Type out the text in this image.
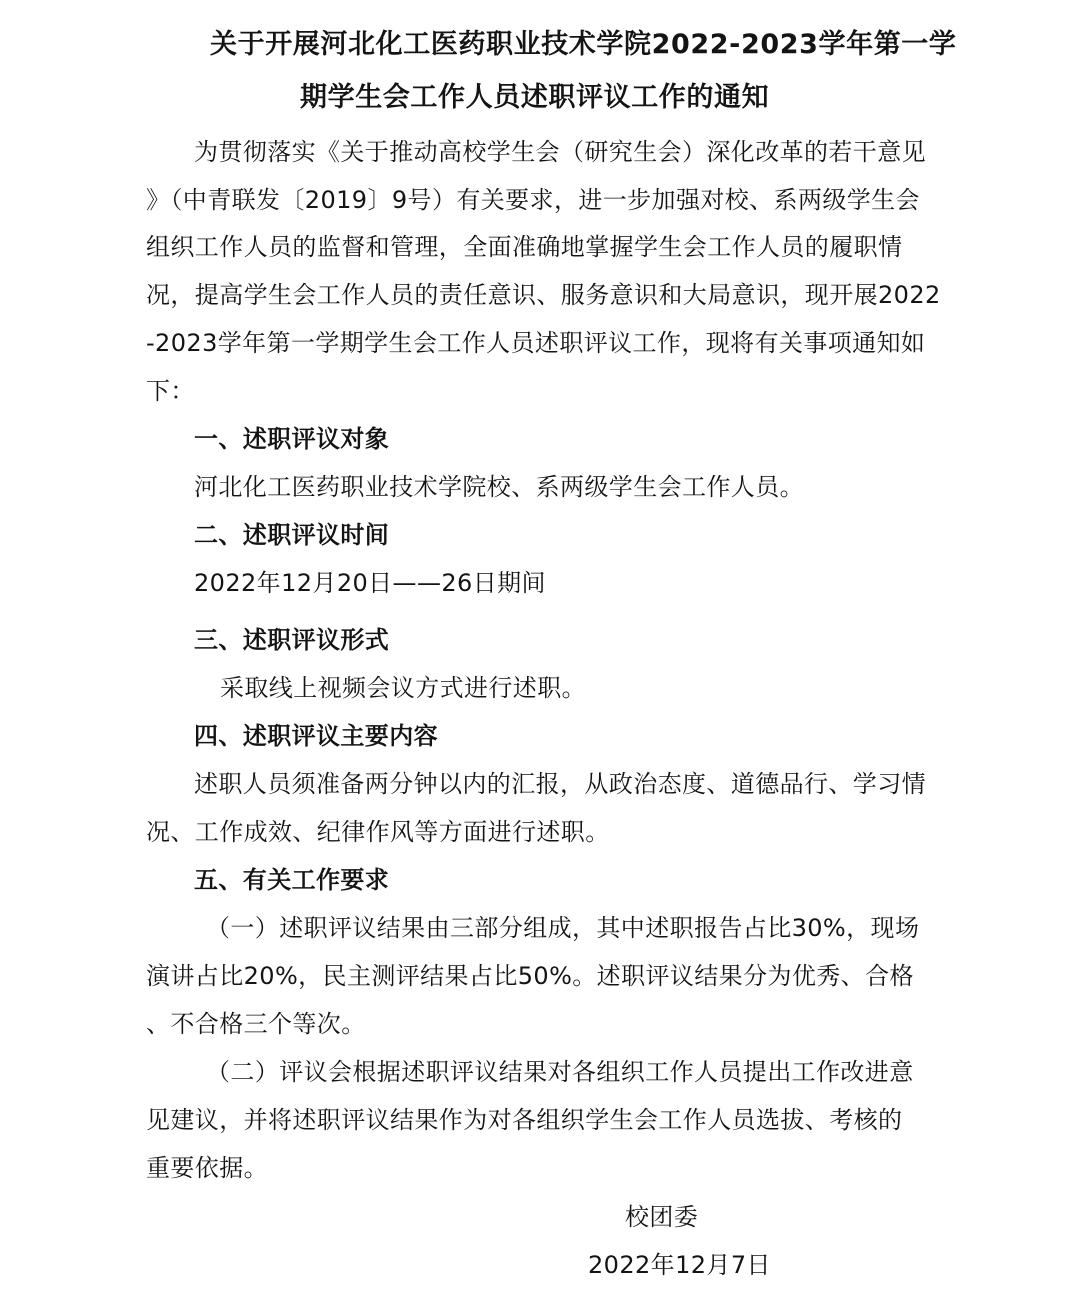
关于开展河北化工医药职业技术学院2022-2023学年第一学
期学生会工作人员述职评议工作的通知
为贯彻落实《关于推动高校学生会（研究生会）深化改革的若干意见
》（中青联发〔2019〕9号）有关要求，进一步加强对校、系两级学生会
组织工作人员的监督和管理，全面准确地掌握学生会工作人员的履职情
况，提高学生会工作人员的责任意识、服务意识和大局意识，现开展2022
-2023学年第一学期学生会工作人员述职评议工作，现将有关事项通知如
下：
一、述职评议对象
河北化工医药职业技术学院校、系两级学生会工作人员。
二、述职评议时间
2022年12月20日——26日期间
三、述职评议形式
采取线上视频会议方式进行述职。
四、述职评议主要内容
述职人员须准备两分钟以内的汇报，从政治态度、道德品行、学习情
况、工作成效、纪律作风等方面进行述职。
五、有关工作要求
（一）述职评议结果由三部分组成，其中述职报告占比30%，现场
演讲占比20%，民主测评结果占比50%。述职评议结果分为优秀、合格
、不合格三个等次。
（二）评议会根据述职评议结果对各组织工作人员提出工作改进意
见建议，并将述职评议结果作为对各组织学生会工作人员选拔、考核的
重要依据。
校团委
2022年12月7日
